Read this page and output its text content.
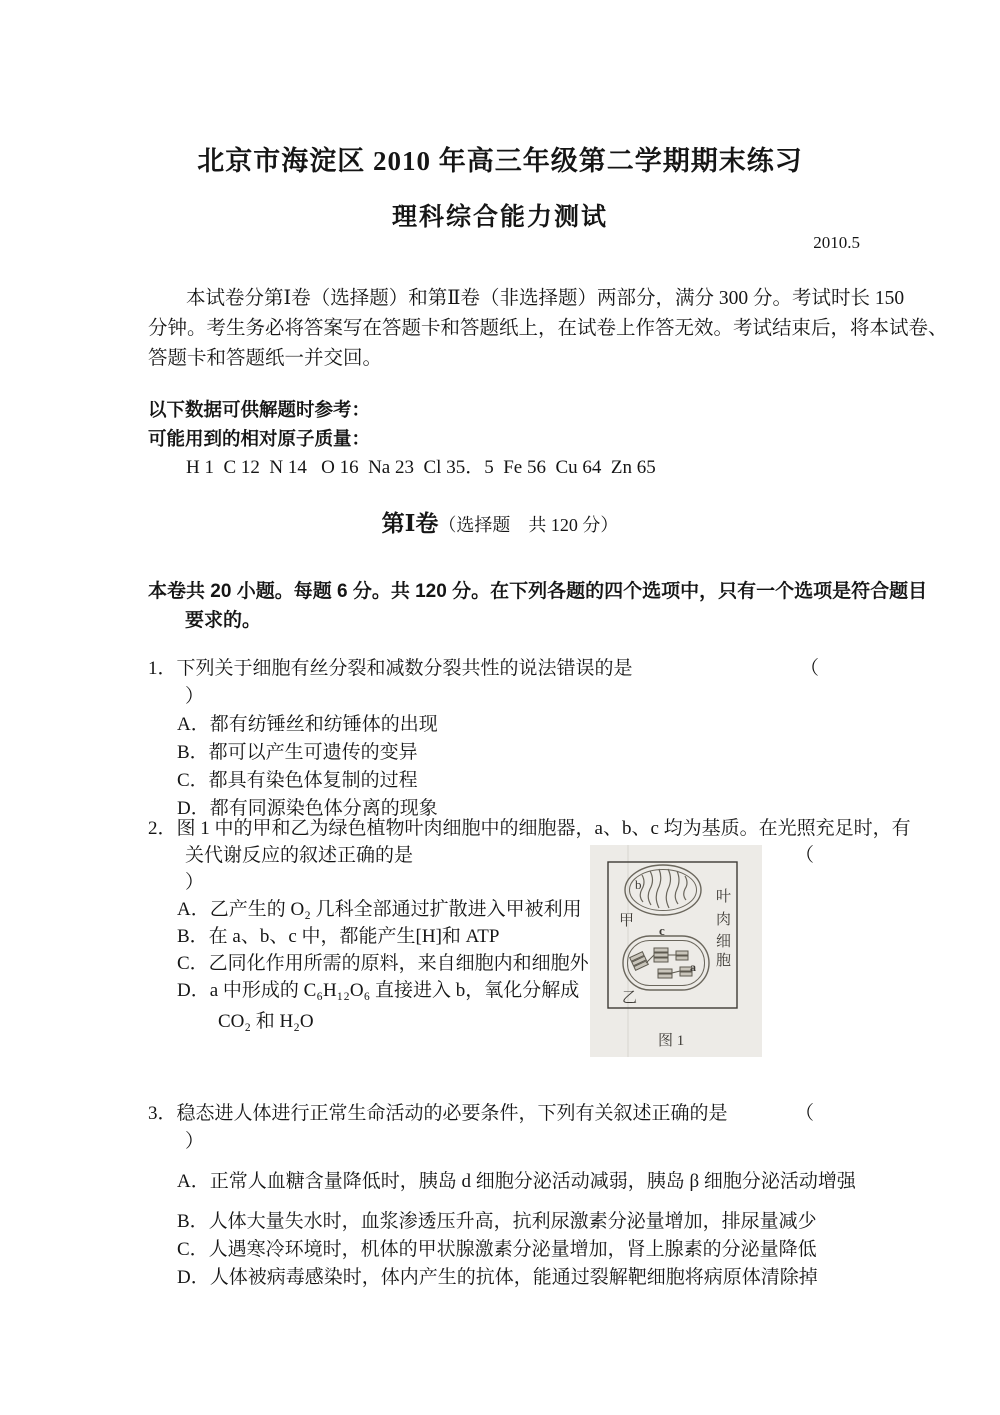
北京市海淀区 2010 年高三年级第二学期期末练习
理科综合能力测试
2010.5
本试卷分第Ⅰ卷（选择题）和第Ⅱ卷（非选择题）两部分，满分 300 分。考试时长 150
分钟。考生务必将答案写在答题卡和答题纸上，在试卷上作答无效。考试结束后，将本试卷、
答题卡和答题纸一并交回。
以下数据可供解题时参考：
可能用到的相对原子质量：
H 1  C 12  N 14   O 16  Na 23  Cl 35．5  Fe 56  Cu 64  Zn 65
第Ⅰ卷（选择题　共 120 分）
本卷共 20 小题。每题 6 分。共 120 分。在下列各题的四个选项中，只有一个选项是符合题目
要求的。
1．下列关于细胞有丝分裂和减数分裂共性的说法错误的是	（
）
A．都有纺锤丝和纺锤体的出现
B．都可以产生可遗传的变异
C．都具有染色体复制的过程
D．都有同源染色体分离的现象
2．图 1 中的甲和乙为绿色植物叶肉细胞中的细胞器，a、b、c 均为基质。在光照充足时，有
关代谢反应的叙述正确的是	（
）
A．乙产生的 O₂ 几科全部通过扩散进入甲被利用
B．在 a、b、c 中，都能产生[H]和 ATP
C．乙同化作用所需的原料，来自细胞内和细胞外
D．a 中形成的 C₆H₁₂O₆ 直接进入 b，氧化分解成
CO₂ 和 H₂O
b
甲
c
a
乙
叶
肉
细
胞
图 1
3．稳态进人体进行正常生命活动的必要条件，下列有关叙述正确的是	（
）
A．正常人血糖含量降低时，胰岛 d 细胞分泌活动减弱，胰岛 β 细胞分泌活动增强
B．人体大量失水时，血浆渗透压升高，抗利尿激素分泌量增加，排尿量减少
C．人遇寒冷环境时，机体的甲状腺激素分泌量增加，肾上腺素的分泌量降低
D．人体被病毒感染时，体内产生的抗体，能通过裂解靶细胞将病原体清除掉
